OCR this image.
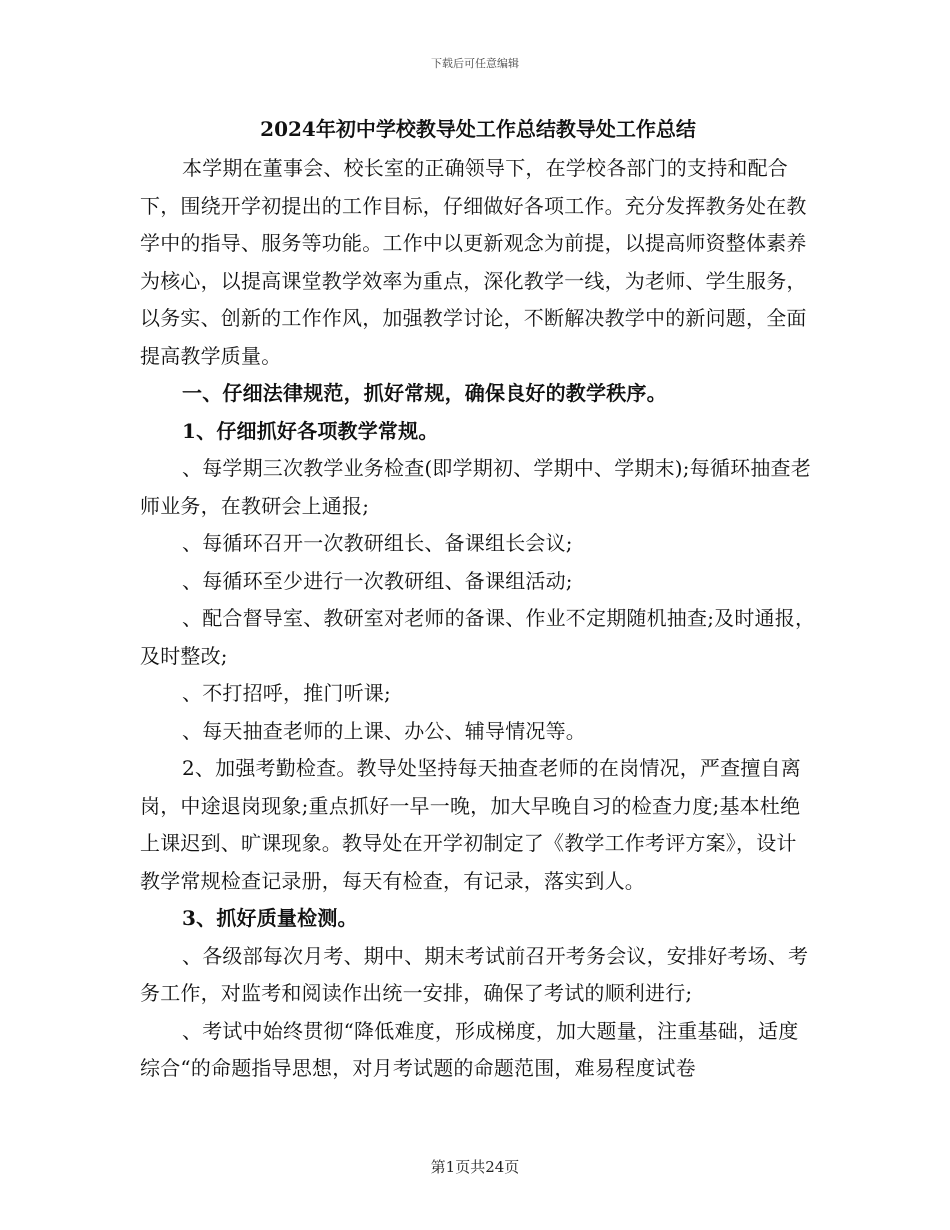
下载后可任意编辑
2024年初中学校教导处工作总结教导处工作总结

本学期在董事会、校长室的正确领导下，在学校各部门的支持和配合下，围绕开学初提出的工作目标，仔细做好各项工作。充分发挥教务处在教学中的指导、服务等功能。工作中以更新观念为前提，以提高师资整体素养为核心，以提高课堂教学效率为重点，深化教学一线，为老师、学生服务，以务实、创新的工作作风，加强教学讨论，不断解决教学中的新问题，全面提高教学质量。

一、仔细法律规范，抓好常规，确保良好的教学秩序。

1、仔细抓好各项教学常规。

、每学期三次教学业务检查(即学期初、学期中、学期末);每循环抽查老师业务，在教研会上通报;

、每循环召开一次教研组长、备课组长会议;

、每循环至少进行一次教研组、备课组活动;

、配合督导室、教研室对老师的备课、作业不定期随机抽查;及时通报，及时整改;

、不打招呼，推门听课;

、每天抽查老师的上课、办公、辅导情况等。

2、加强考勤检查。教导处坚持每天抽查老师的在岗情况，严查擅自离岗，中途退岗现象;重点抓好一早一晚，加大早晚自习的检查力度;基本杜绝上课迟到、旷课现象。教导处在开学初制定了《教学工作考评方案》，设计教学常规检查记录册，每天有检查，有记录，落实到人。

3、抓好质量检测。

、各级部每次月考、期中、期末考试前召开考务会议，安排好考场、考务工作，对监考和阅读作出统一安排，确保了考试的顺利进行;

、考试中始终贯彻“降低难度，形成梯度，加大题量，注重基础，适度综合“的命题指导思想，对月考试题的命题范围，难易程度试卷

第1页共24页
